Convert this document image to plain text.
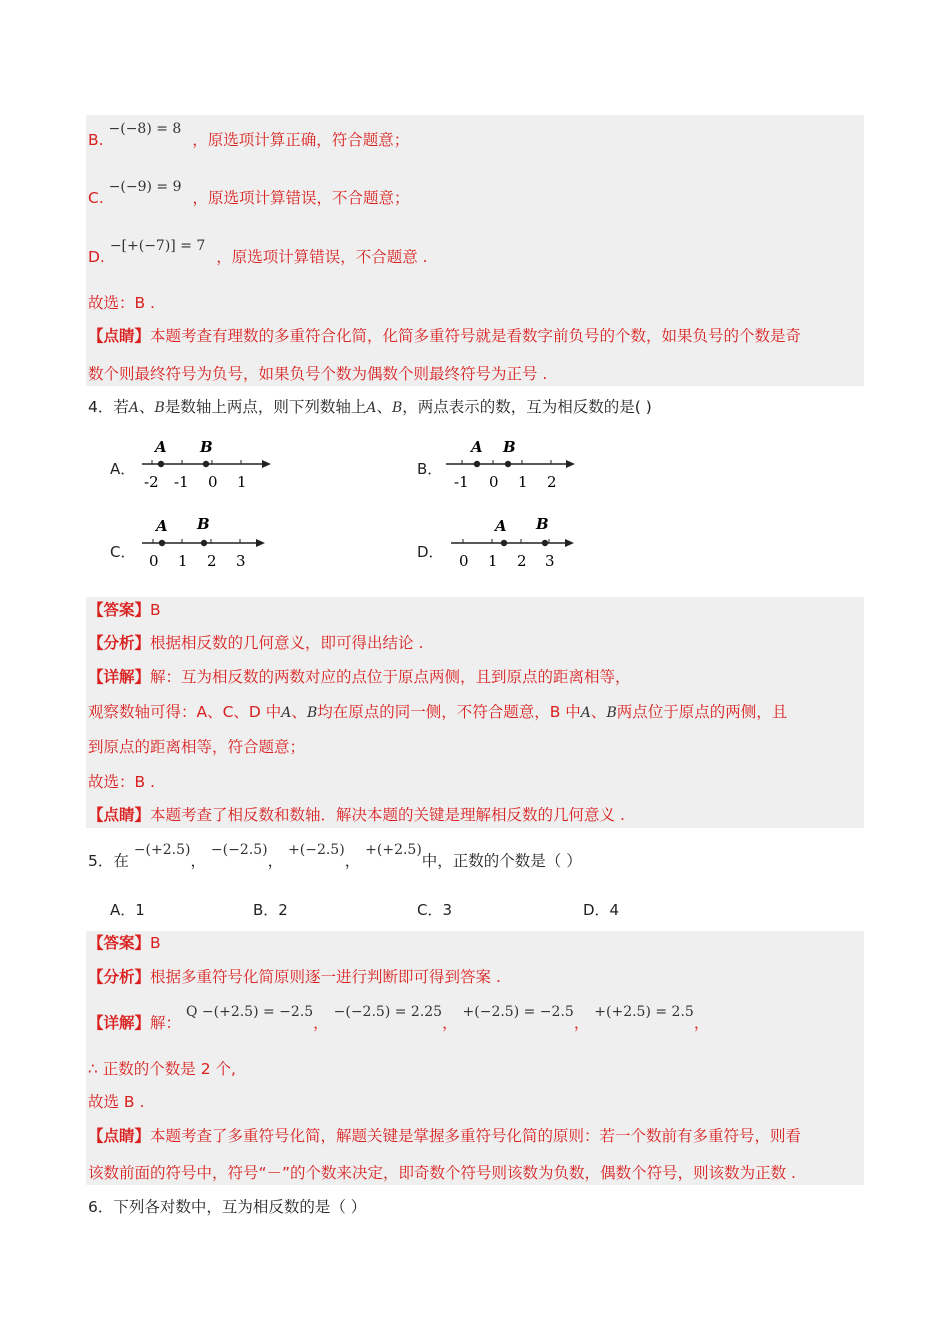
B. −(−8) = 8 ，原选项计算正确，符合题意；
C. −(−9) = 9 ，原选项计算错误，不合题意；
D. −[+(−7)] = 7 ，原选项计算错误，不合题意 .
故选：B .
【点睛】本题考查有理数的多重符合化简，化简多重符号就是看数字前负号的个数，如果负号的个数是奇
数个则最终符号为负号，如果负号个数为偶数个则最终符号为正号 .
4．若A、B是数轴上两点，则下列数轴上A、B，两点表示的数，互为相反数的是( )
A．
A B
-2 -1 0 1
B．
A B
-1 0 1 2
C．
A B
0 1 2 3	D．
A B
0 1 2 3
【答案】B
【分析】根据相反数的几何意义，即可得出结论 .
【详解】解：互为相反数的两数对应的点位于原点两侧，且到原点的距离相等，
观察数轴可得：A、C、D 中A、B均在原点的同一侧，不符合题意，B 中A、B两点位于原点的两侧，且
到原点的距离相等，符合题意；
故选：B .
【点睛】本题考查了相反数和数轴．解决本题的关键是理解相反数的几何意义 .
5．在 −(+2.5)， −(−2.5)， +(−2.5)， +(+2.5)中，正数的个数是（ ）
A．1	B．2	C．3	D．4
【答案】B
【分析】根据多重符号化简原则逐一进行判断即可得到答案 .
【详解】解： Q −(+2.5) = −2.5， −(−2.5) = 2.25， +(−2.5) = −2.5， +(+2.5) = 2.5，
∴ 正数的个数是 2 个,
故选 B .
【点睛】本题考查了多重符号化简，解题关键是掌握多重符号化简的原则：若一个数前有多重符号，则看
该数前面的符号中，符号“－”的个数来决定，即奇数个符号则该数为负数，偶数个符号，则该数为正数 .
6．下列各对数中，互为相反数的是（ ）
